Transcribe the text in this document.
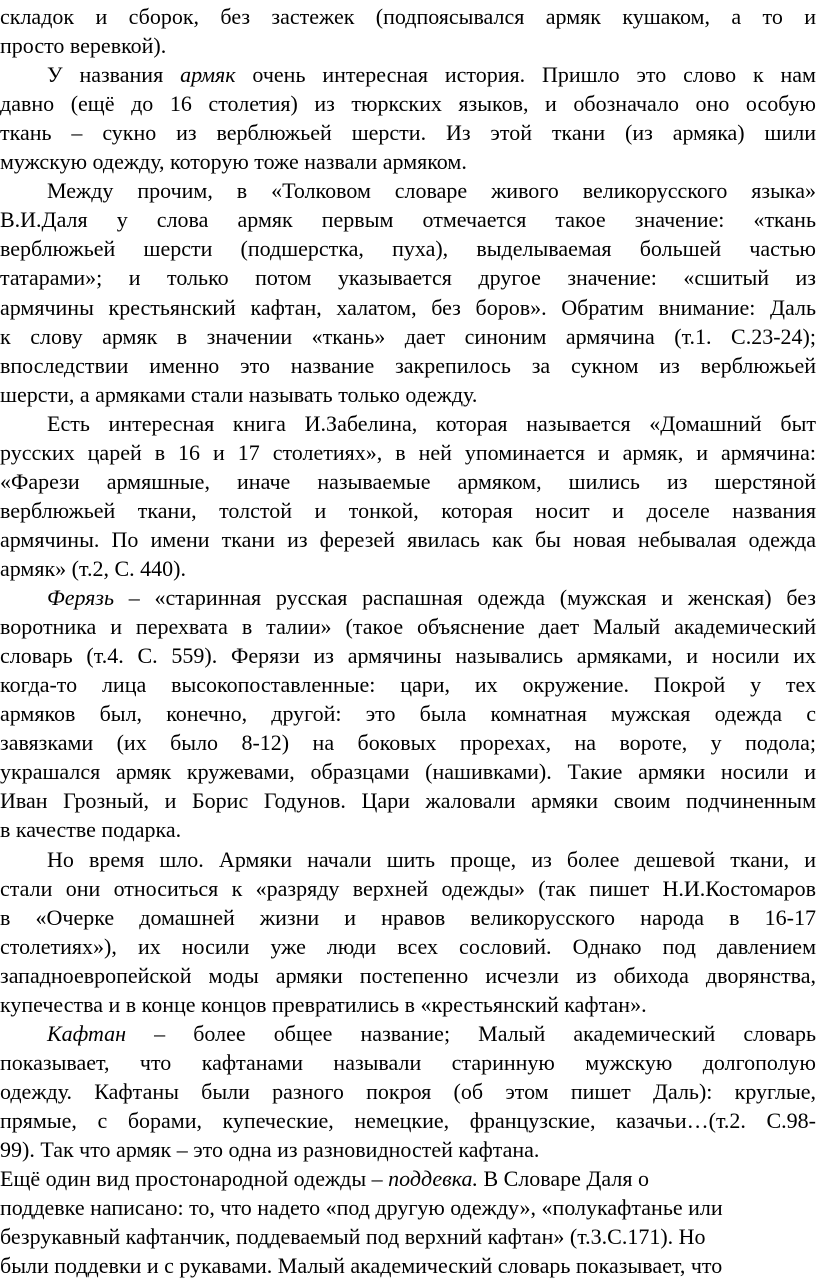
складок и сборок, без застежек (подпоясывался армяк кушаком, а то и
просто веревкой).
У названия армяк очень интересная история. Пришло это слово к нам
давно (ещё до 16 столетия) из тюркских языков, и обозначало оно особую
ткань – сукно из верблюжьей шерсти. Из этой ткани (из армяка) шили
мужскую одежду, которую тоже назвали армяком.
Между прочим, в «Толковом словаре живого великорусского языка»
В.И.Даля у слова армяк первым отмечается такое значение: «ткань
верблюжьей шерсти (подшерстка, пуха), выделываемая большей частью
татарами»; и только потом указывается другое значение: «сшитый из
армячины крестьянский кафтан, халатом, без боров». Обратим внимание: Даль
к слову армяк в значении «ткань» дает синоним армячина (т.1. С.23-24);
впоследствии именно это название закрепилось за сукном из верблюжьей
шерсти, а армяками стали называть только одежду.
Есть интересная книга И.Забелина, которая называется «Домашний быт
русских царей в 16 и 17 столетиях», в ней упоминается и армяк, и армячина:
«Фарези армяшные, иначе называемые армяком, шились из шерстяной
верблюжьей ткани, толстой и тонкой, которая носит и доселе названия
армячины. По имени ткани из ферезей явилась как бы новая небывалая одежда
армяк» (т.2, С. 440).
Ферязь – «старинная русская распашная одежда (мужская и женская) без
воротника и перехвата в талии» (такое объяснение дает Малый академический
словарь (т.4. С. 559). Ферязи из армячины назывались армяками, и носили их
когда-то лица высокопоставленные: цари, их окружение. Покрой у тех
армяков был, конечно, другой: это была комнатная мужская одежда с
завязками (их было 8-12) на боковых прорехах, на вороте, у подола;
украшался армяк кружевами, образцами (нашивками). Такие армяки носили и
Иван Грозный, и Борис Годунов. Цари жаловали армяки своим подчиненным
в качестве подарка.
Но время шло. Армяки начали шить проще, из более дешевой ткани, и
стали они относиться к «разряду верхней одежды» (так пишет Н.И.Костомаров
в «Очерке домашней жизни и нравов великорусского народа в 16-17
столетиях»), их носили уже люди всех сословий. Однако под давлением
западноевропейской моды армяки постепенно исчезли из обихода дворянства,
купечества и в конце концов превратились в «крестьянский кафтан».
Кафтан – более общее название; Малый академический словарь
показывает, что кафтанами называли старинную мужскую долгополую
одежду. Кафтаны были разного покроя (об этом пишет Даль): круглые,
прямые, с борами, купеческие, немецкие, французские, казачьи…(т.2. С.98-
99). Так что армяк – это одна из разновидностей кафтана.
Ещё один вид простонародной одежды – поддевка. В Словаре Даля о
поддевке написано: то, что надето «под другую одежду», «полукафтанье или
безрукавный кафтанчик, поддеваемый под верхний кафтан» (т.3.С.171). Но
были поддевки и с рукавами. Малый академический словарь показывает, что
